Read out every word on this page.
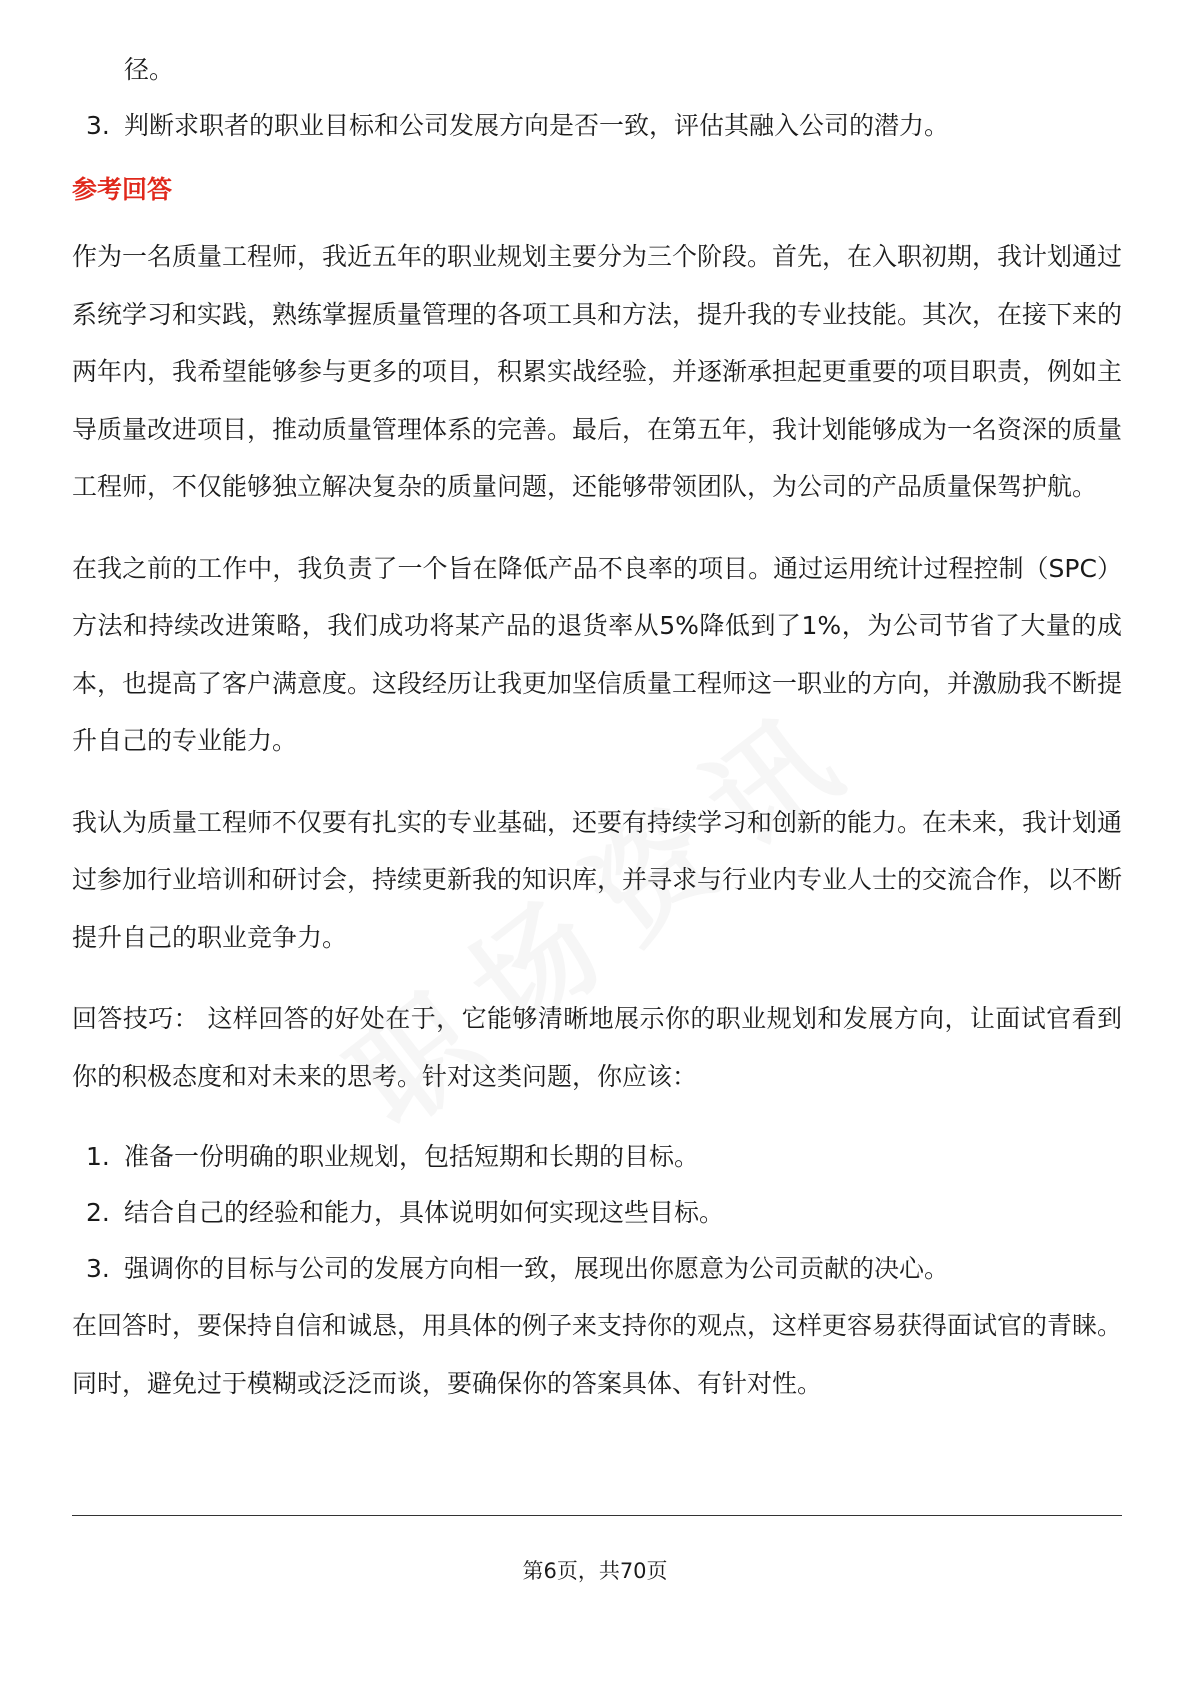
径。

3. 判断求职者的职业目标和公司发展方向是否一致，评估其融入公司的潜力。
参考回答

作为一名质量工程师，我近五年的职业规划主要分为三个阶段。首先，在入职初期，我计划通过系统学习和实践，熟练掌握质量管理的各项工具和方法，提升我的专业技能。其次，在接下来的两年内，我希望能够参与更多的项目，积累实战经验，并逐渐承担起更重要的项目职责，例如主导质量改进项目，推动质量管理体系的完善。最后，在第五年，我计划能够成为一名资深的质量工程师，不仅能够独立解决复杂的质量问题，还能够带领团队，为公司的产品质量保驾护航。

在我之前的工作中，我负责了一个旨在降低产品不良率的项目。通过运用统计过程控制（SPC）方法和持续改进策略，我们成功将某产品的退货率从5%降低到了1%，为公司节省了大量的成本，也提高了客户满意度。这段经历让我更加坚信质量工程师这一职业的方向，并激励我不断提升自己的专业能力。

我认为质量工程师不仅要有扎实的专业基础，还要有持续学习和创新的能力。在未来，我计划通过参加行业培训和研讨会，持续更新我的知识库，并寻求与行业内专业人士的交流合作，以不断提升自己的职业竞争力。

回答技巧： 这样回答的好处在于，它能够清晰地展示你的职业规划和发展方向，让面试官看到你的积极态度和对未来的思考。针对这类问题，你应该：

1. 准备一份明确的职业规划，包括短期和长期的目标。
2. 结合自己的经验和能力，具体说明如何实现这些目标。
3. 强调你的目标与公司的发展方向相一致，展现出你愿意为公司贡献的决心。

在回答时，要保持自信和诚恳，用具体的例子来支持你的观点，这样更容易获得面试官的青睐。同时，避免过于模糊或泛泛而谈，要确保你的答案具体、有针对性。

第6页，共70页
